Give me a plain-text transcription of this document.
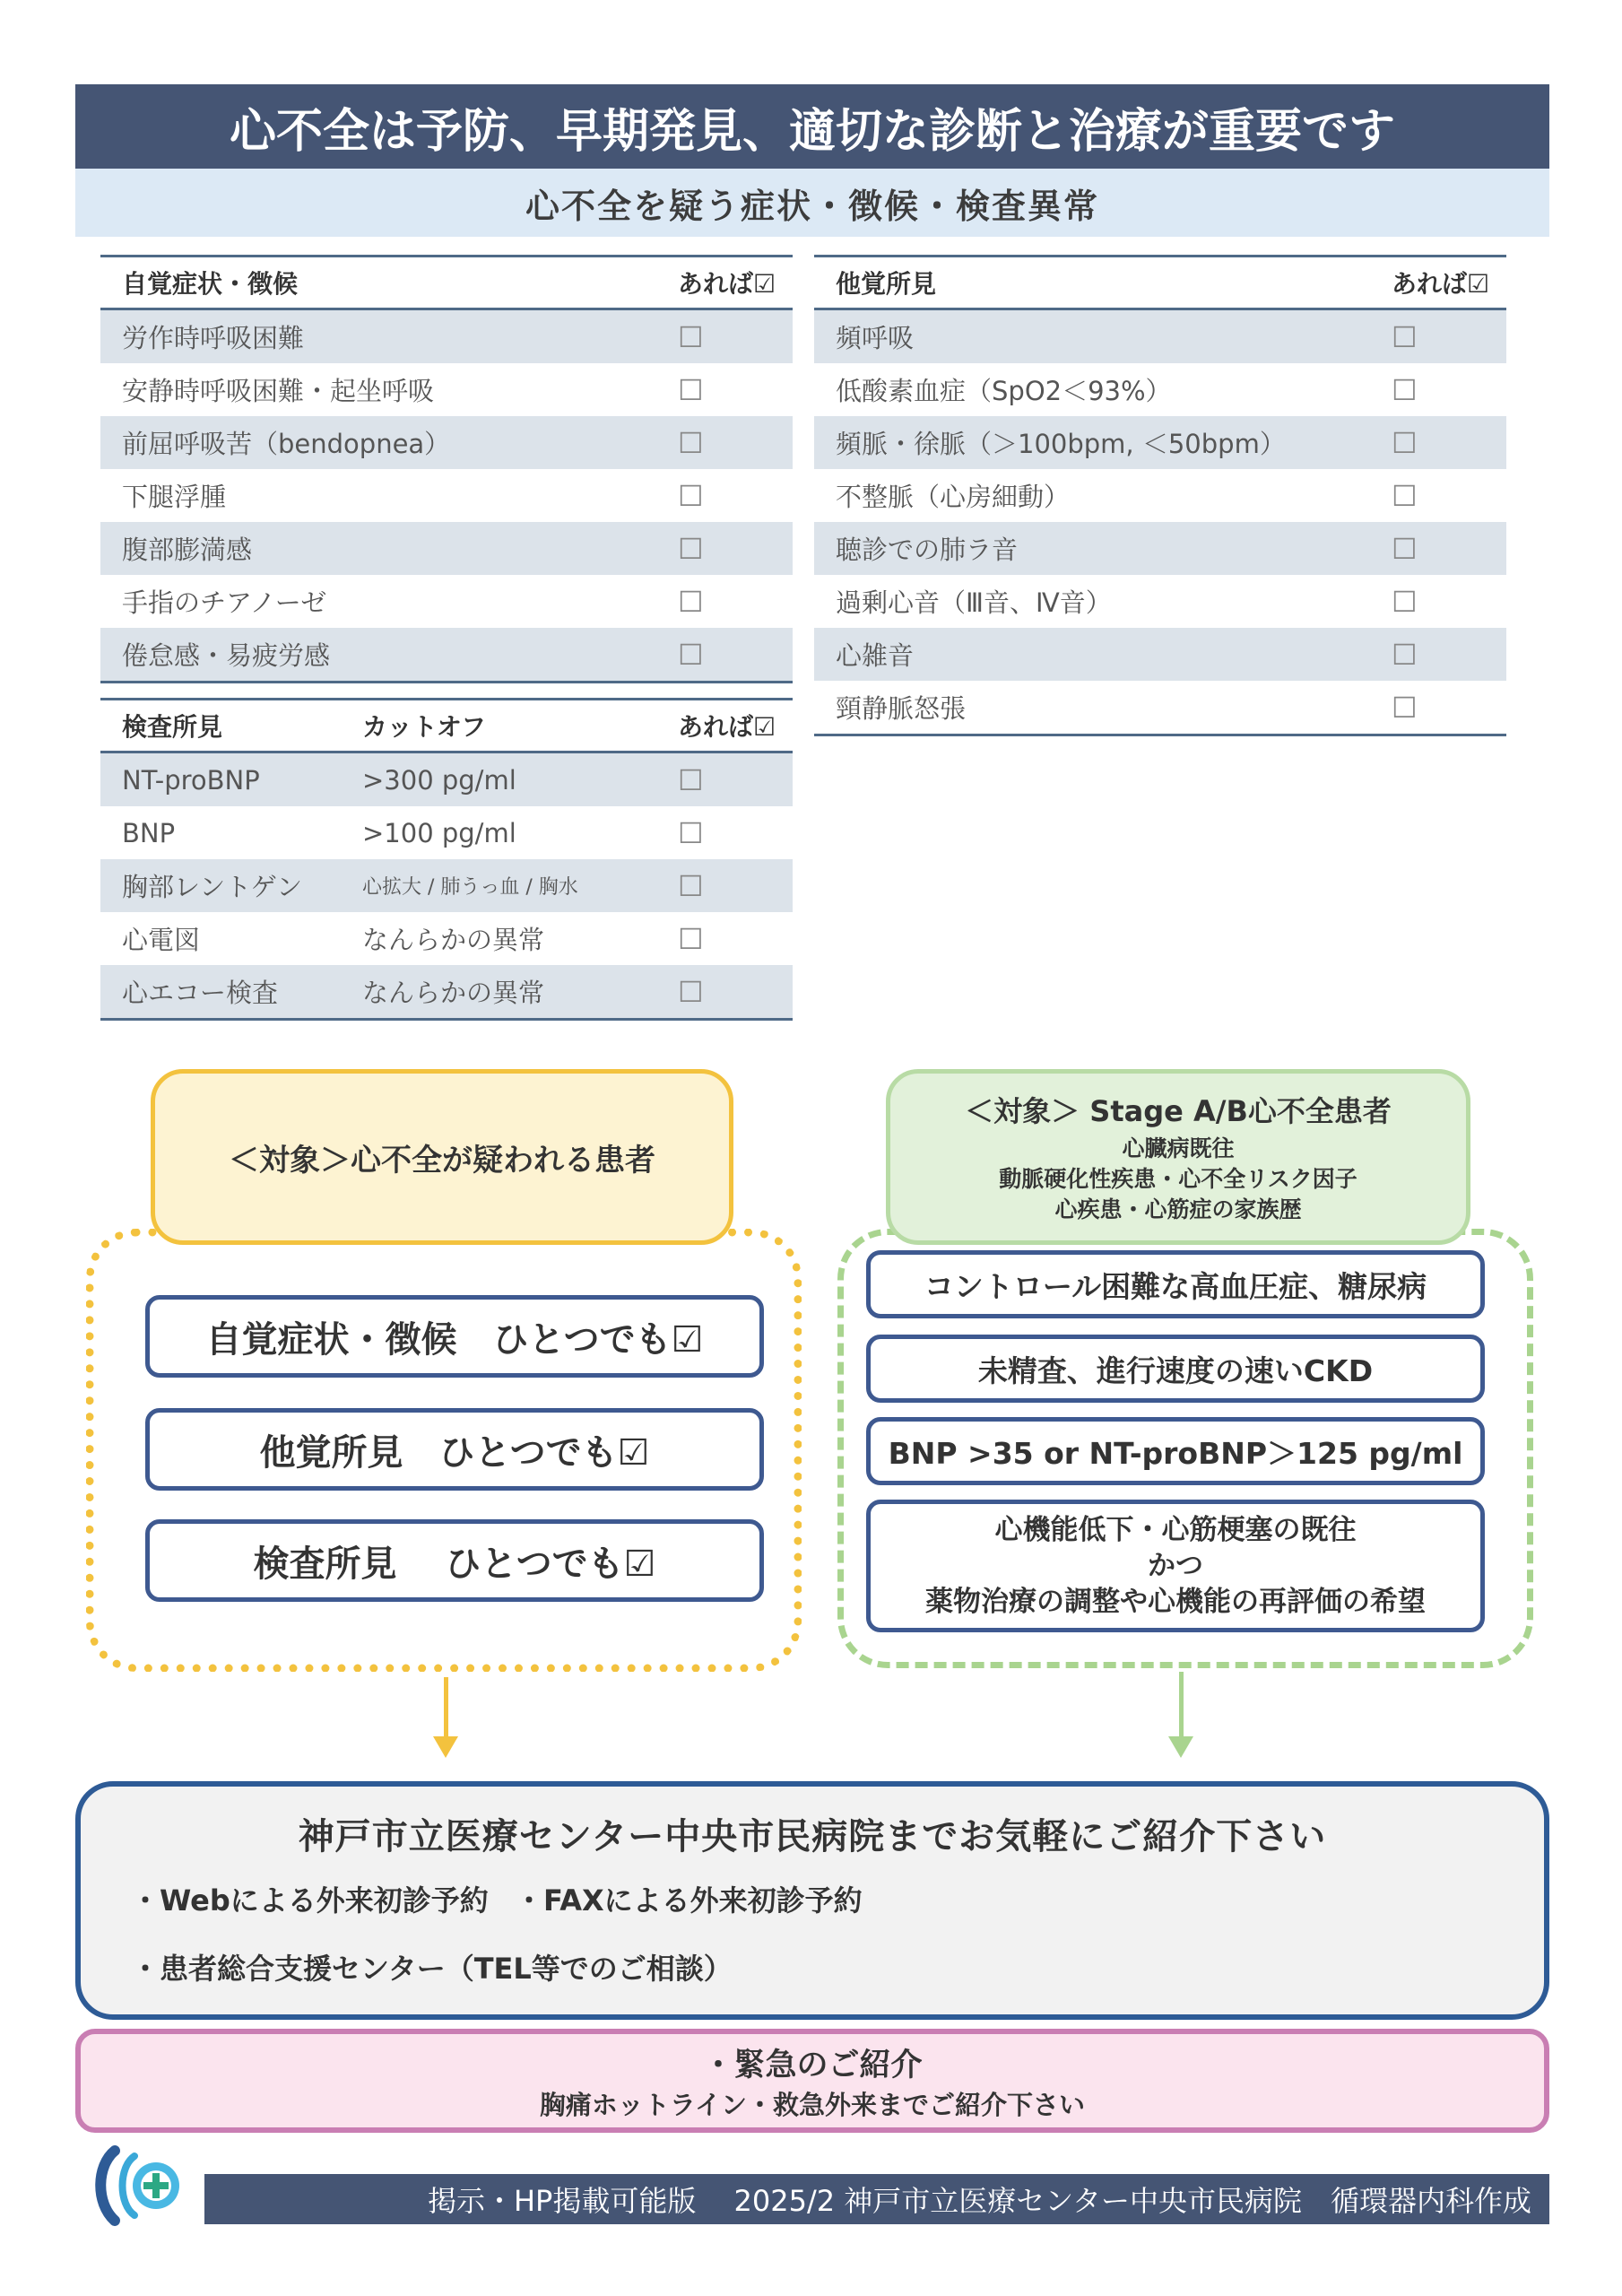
心不全は予防、早期発見、適切な診断と治療が重要です
心不全を疑う症状・徴候・検査異常
自覚症状・徴候	あれば☑
労作時呼吸困難	☐
安静時呼吸困難・起坐呼吸	☐
前屈呼吸苦（bendopnea）	☐
下腿浮腫	☐
腹部膨満感	☐
手指のチアノーゼ	☐
倦怠感・易疲労感	☐
他覚所見	あれば☑
頻呼吸	☐
低酸素血症（SpO2＜93%）	☐
頻脈・徐脈（＞100bpm, ＜50bpm）	☐
不整脈（心房細動）	☐
聴診での肺ラ音	☐
過剰心音（Ⅲ音、Ⅳ音）	☐
心雑音	☐
頸静脈怒張	☐
検査所見	カットオフ	あれば☑
NT-proBNP	>300 pg/ml	☐
BNP	>100 pg/ml	☐
胸部レントゲン	心拡大 / 肺うっ血 / 胸水	☐
心電図	なんらかの異常	☐
心エコー検査	なんらかの異常	☐
＜対象＞心不全が疑われる患者
自覚症状・徴候　ひとつでも☑
他覚所見　ひとつでも☑
検査所見　 ひとつでも☑
＜対象＞ Stage A/B心不全患者
心臓病既往
動脈硬化性疾患・心不全リスク因子
心疾患・心筋症の家族歴
コントロール困難な高血圧症、糖尿病
未精査、進行速度の速いCKD
BNP >35 or NT-proBNP＞125 pg/ml
心機能低下・心筋梗塞の既往
かつ
薬物治療の調整や心機能の再評価の希望
神戸市立医療センター中央市民病院までお気軽にご紹介下さい
・Webによる外来初診予約 ・FAXによる外来初診予約
・患者総合支援センター（TEL等でのご相談）
・緊急のご紹介
胸痛ホットライン・救急外来までご紹介下さい
掲示・HP掲載可能版　 2025/2 神戸市立医療センター中央市民病院　循環器内科作成
